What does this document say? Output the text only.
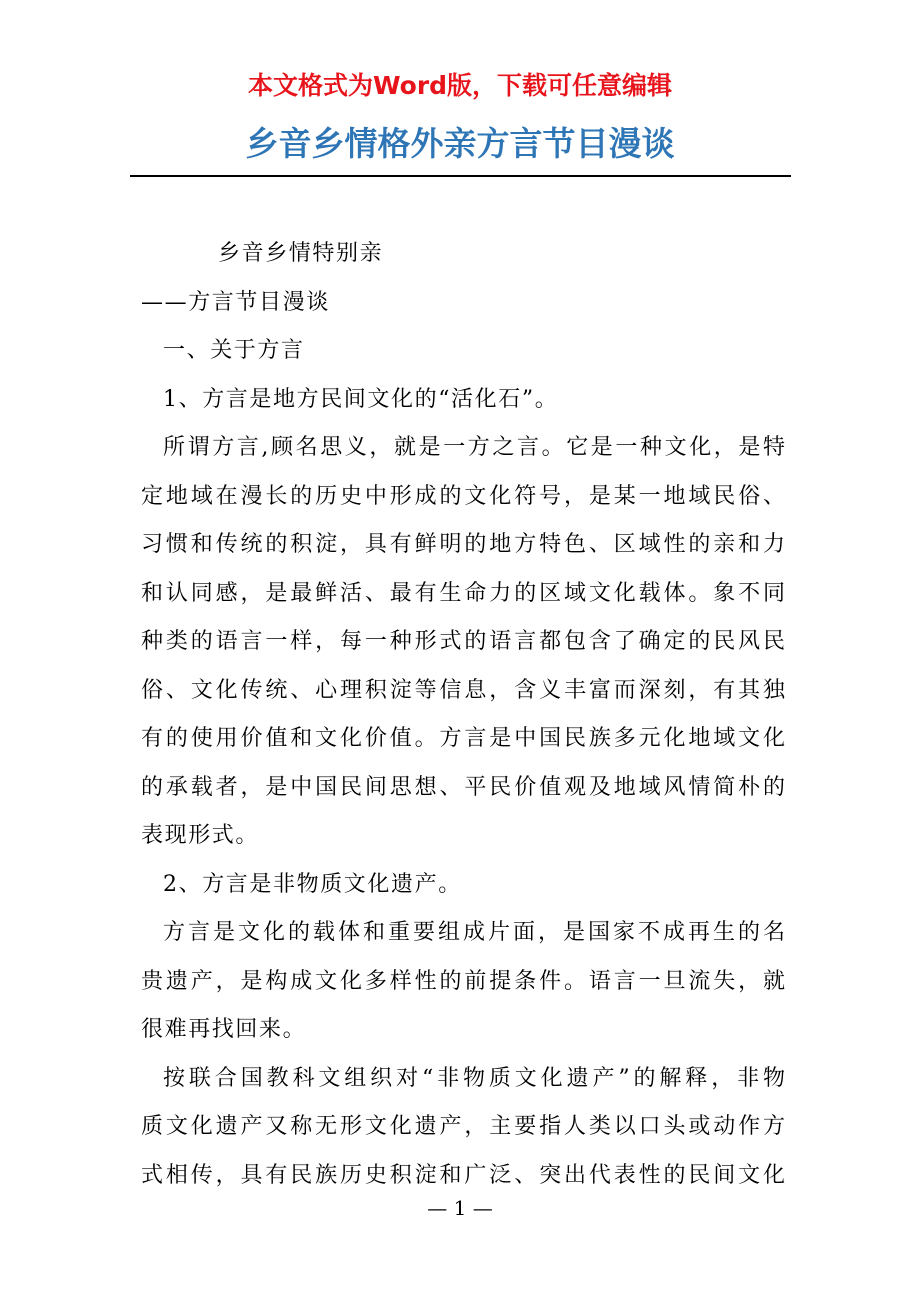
本文格式为Word版，下载可任意编辑
乡音乡情格外亲方言节目漫谈
乡音乡情特别亲
——方言节目漫谈
一、关于方言
1、方言是地方民间文化的“活化石”。
所谓方言,顾名思义，就是一方之言。它是一种文化，是特
定地域在漫长的历史中形成的文化符号，是某一地域民俗、
习惯和传统的积淀，具有鲜明的地方特色、区域性的亲和力
和认同感，是最鲜活、最有生命力的区域文化载体。象不同
种类的语言一样，每一种形式的语言都包含了确定的民风民
俗、文化传统、心理积淀等信息，含义丰富而深刻，有其独
有的使用价值和文化价值。方言是中国民族多元化地域文化
的承载者，是中国民间思想、平民价值观及地域风情简朴的
表现形式。
2、方言是非物质文化遗产。
方言是文化的载体和重要组成片面，是国家不成再生的名
贵遗产，是构成文化多样性的前提条件。语言一旦流失，就
很难再找回来。
按联合国教科文组织对“非物质文化遗产”的解释，非物
质文化遗产又称无形文化遗产，主要指人类以口头或动作方
式相传，具有民族历史积淀和广泛、突出代表性的民间文化
— 1 —
